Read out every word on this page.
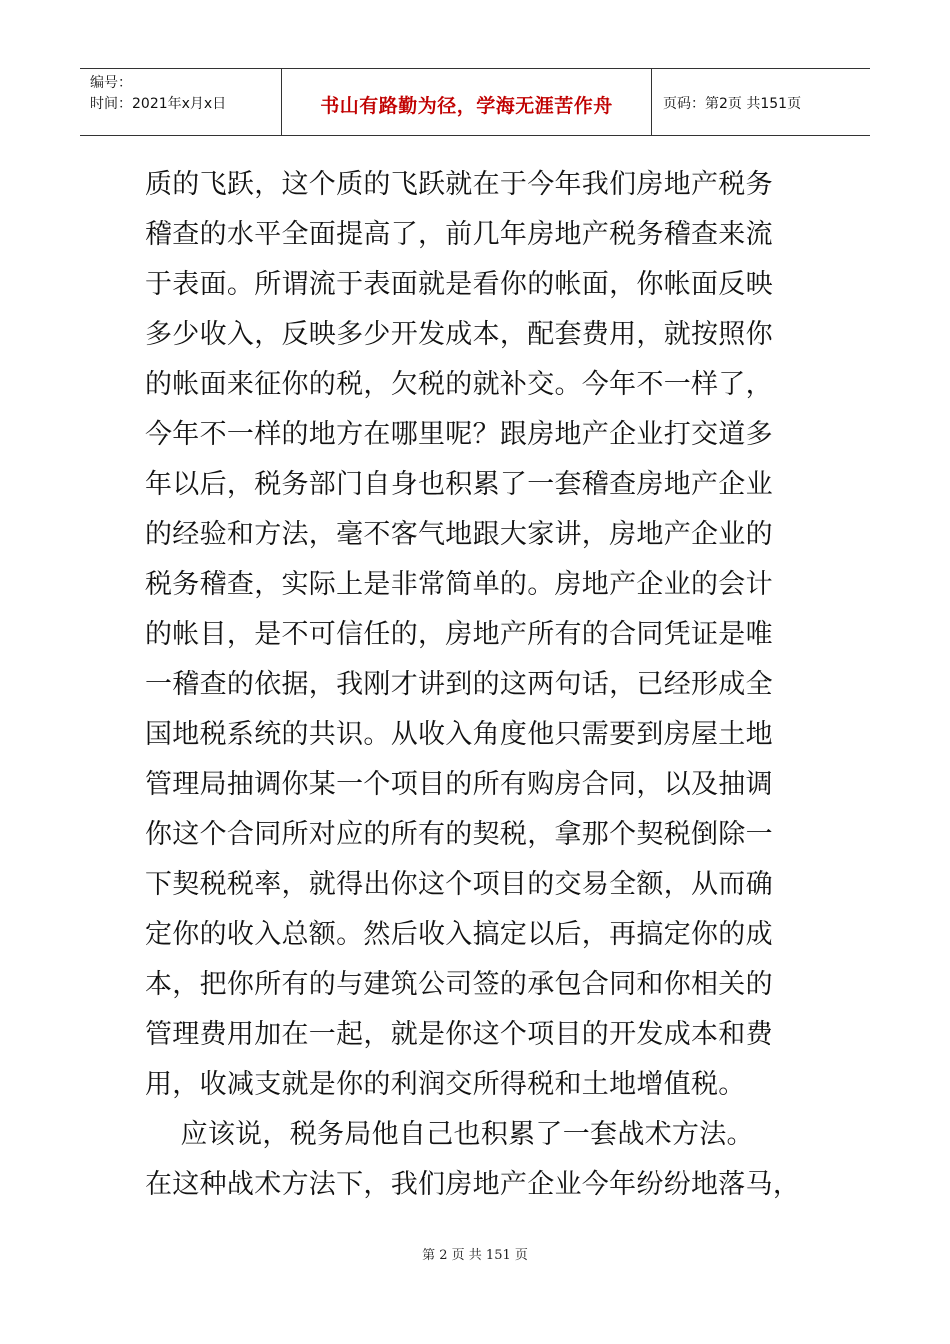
编号：
时间：2021年x月x日	书山有路勤为径，学海无涯苦作舟	页码：第2页 共151页
质的飞跃，这个质的飞跃就在于今年我们房地产税务
稽查的水平全面提高了，前几年房地产税务稽查来流
于表面。所谓流于表面就是看你的帐面，你帐面反映
多少收入，反映多少开发成本，配套费用，就按照你
的帐面来征你的税，欠税的就补交。今年不一样了，
今年不一样的地方在哪里呢？跟房地产企业打交道多
年以后，税务部门自身也积累了一套稽查房地产企业
的经验和方法，毫不客气地跟大家讲，房地产企业的
税务稽查，实际上是非常简单的。房地产企业的会计
的帐目，是不可信任的，房地产所有的合同凭证是唯
一稽查的依据，我刚才讲到的这两句话，已经形成全
国地税系统的共识。从收入角度他只需要到房屋土地
管理局抽调你某一个项目的所有购房合同，以及抽调
你这个合同所对应的所有的契税，拿那个契税倒除一
下契税税率，就得出你这个项目的交易全额，从而确
定你的收入总额。然后收入搞定以后，再搞定你的成
本，把你所有的与建筑公司签的承包合同和你相关的
管理费用加在一起，就是你这个项目的开发成本和费
用，收减支就是你的利润交所得税和土地增值税。
应该说，税务局他自己也积累了一套战术方法。
在这种战术方法下，我们房地产企业今年纷纷地落马，
第 2 页 共 151 页
